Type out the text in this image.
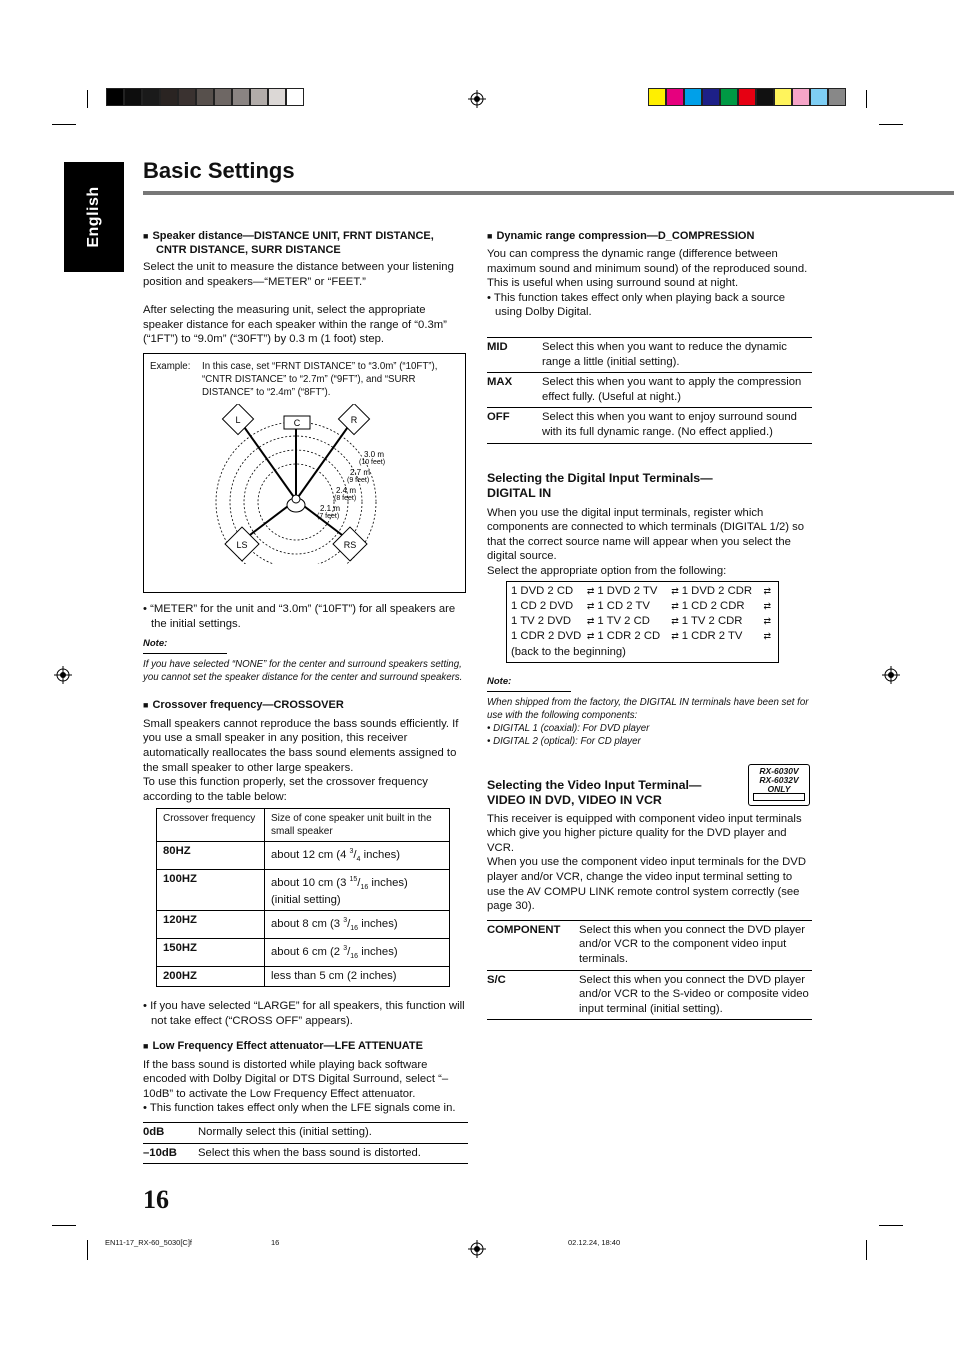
English
Basic Settings

■ Speaker distance—DISTANCE UNIT, FRNT DISTANCE,

CNTR DISTANCE, SURR DISTANCE

Select the unit to measure the distance between your listening position and speakers—“METER” or “FEET.”

After selecting the measuring unit, select the appropriate speaker distance for each speaker within the range of “0.3m” (“1FT”) to “9.0m” (“30FT”) by 0.3 m (1 foot) step.

Example: In this case, set “FRNT DISTANCE” to “3.0m” (“10FT”), “CNTR DISTANCE” to “2.7m” (“9FT”), and “SURR DISTANCE” to “2.4m” (“8FT”).
C
L	R
LS	RS
3.0 m
(10 feet)
2.7 m
(9 feet)
2.4 m
(8 feet)
2.1 m
(7 feet)

• “METER” for the unit and “3.0m” (“10FT”) for all speakers are the initial settings.

Note:

If you have selected “NONE” for the center and surround speakers setting, you cannot set the speaker distance for the center and surround speakers.

■ Crossover frequency—CROSSOVER

Small speakers cannot reproduce the bass sounds efficiently. If you use a small speaker in any position, this receiver automatically reallocates the bass sound elements assigned to the small speaker to other large speakers.

To use this function properly, set the crossover frequency according to the table below:

Crossover frequency	Size of cone speaker unit built in the small speaker
80HZ	about 12 cm (4 $^3/_4$ inches)
100HZ	about 10 cm (3 $^{15}/_{16}$ inches)
(initial setting)
120HZ	about 8 cm (3 $^3/_{16}$ inches)
150HZ	about 6 cm (2 $^3/_{16}$ inches)
200HZ	less than 5 cm (2 inches)

• If you have selected “LARGE” for all speakers, this function will not take effect (“CROSS OFF” appears).

■ Low Frequency Effect attenuator—LFE ATTENUATE

If the bass sound is distorted while playing back software encoded with Dolby Digital or DTS Digital Surround, select “–10dB” to activate the Low Frequency Effect attenuator.

• This function takes effect only when the LFE signals come in.

0dB	Normally select this (initial setting).
–10dB	Select this when the bass sound is distorted.

■ Dynamic range compression—D_COMPRESSION

You can compress the dynamic range (difference between maximum sound and minimum sound) of the reproduced sound. This is useful when using surround sound at night.

• This function takes effect only when playing back a source using Dolby Digital.

MID	Select this when you want to reduce the dynamic range a little (initial setting).
MAX	Select this when you want to apply the compression effect fully. (Useful at night.)
OFF	Select this when you want to enjoy surround sound with its full dynamic range. (No effect applied.)

Selecting the Digital Input Terminals—

DIGITAL IN

When you use the digital input terminals, register which components are connected to which terminals (DIGITAL 1/2) so that the correct source name will appear when you select the digital source.

Select the appropriate option from the following:

1 DVD 2 CD	⇄ 1 DVD 2 TV	⇄ 1 DVD 2 CDR	⇄
1 CD 2 DVD	⇄ 1 CD 2 TV	⇄ 1 CD 2 CDR	⇄
1 TV 2 DVD	⇄ 1 TV 2 CD	⇄ 1 TV 2 CDR	⇄
1 CDR 2 DVD ⇄ 1 CDR 2 CD	⇄ 1 CDR 2 TV	⇄
(back to the beginning)

Note:

When shipped from the factory, the DIGITAL IN terminals have been set for use with the following components:

• DIGITAL 1 (coaxial): For DVD player

• DIGITAL 2 (optical): For CD player

Selecting the Video Input Terminal—

VIDEO IN DVD, VIDEO IN VCR

This receiver is equipped with component video input terminals which give you higher picture quality for the DVD player and VCR.

When you use the component video input terminals for the DVD player and/or VCR, change the video input terminal setting to use the AV COMPU LINK remote control system correctly (see page 30).

COMPONENT	Select this when you connect the DVD player and/or VCR to the component video input terminals.
S/C	Select this when you connect the DVD player and/or VCR to the S-video or composite video input terminal (initial setting).
RX-6030V
RX-6032V
ONLY
16
EN11-17_RX-60_5030[C]f	16	02.12.24, 18:40
